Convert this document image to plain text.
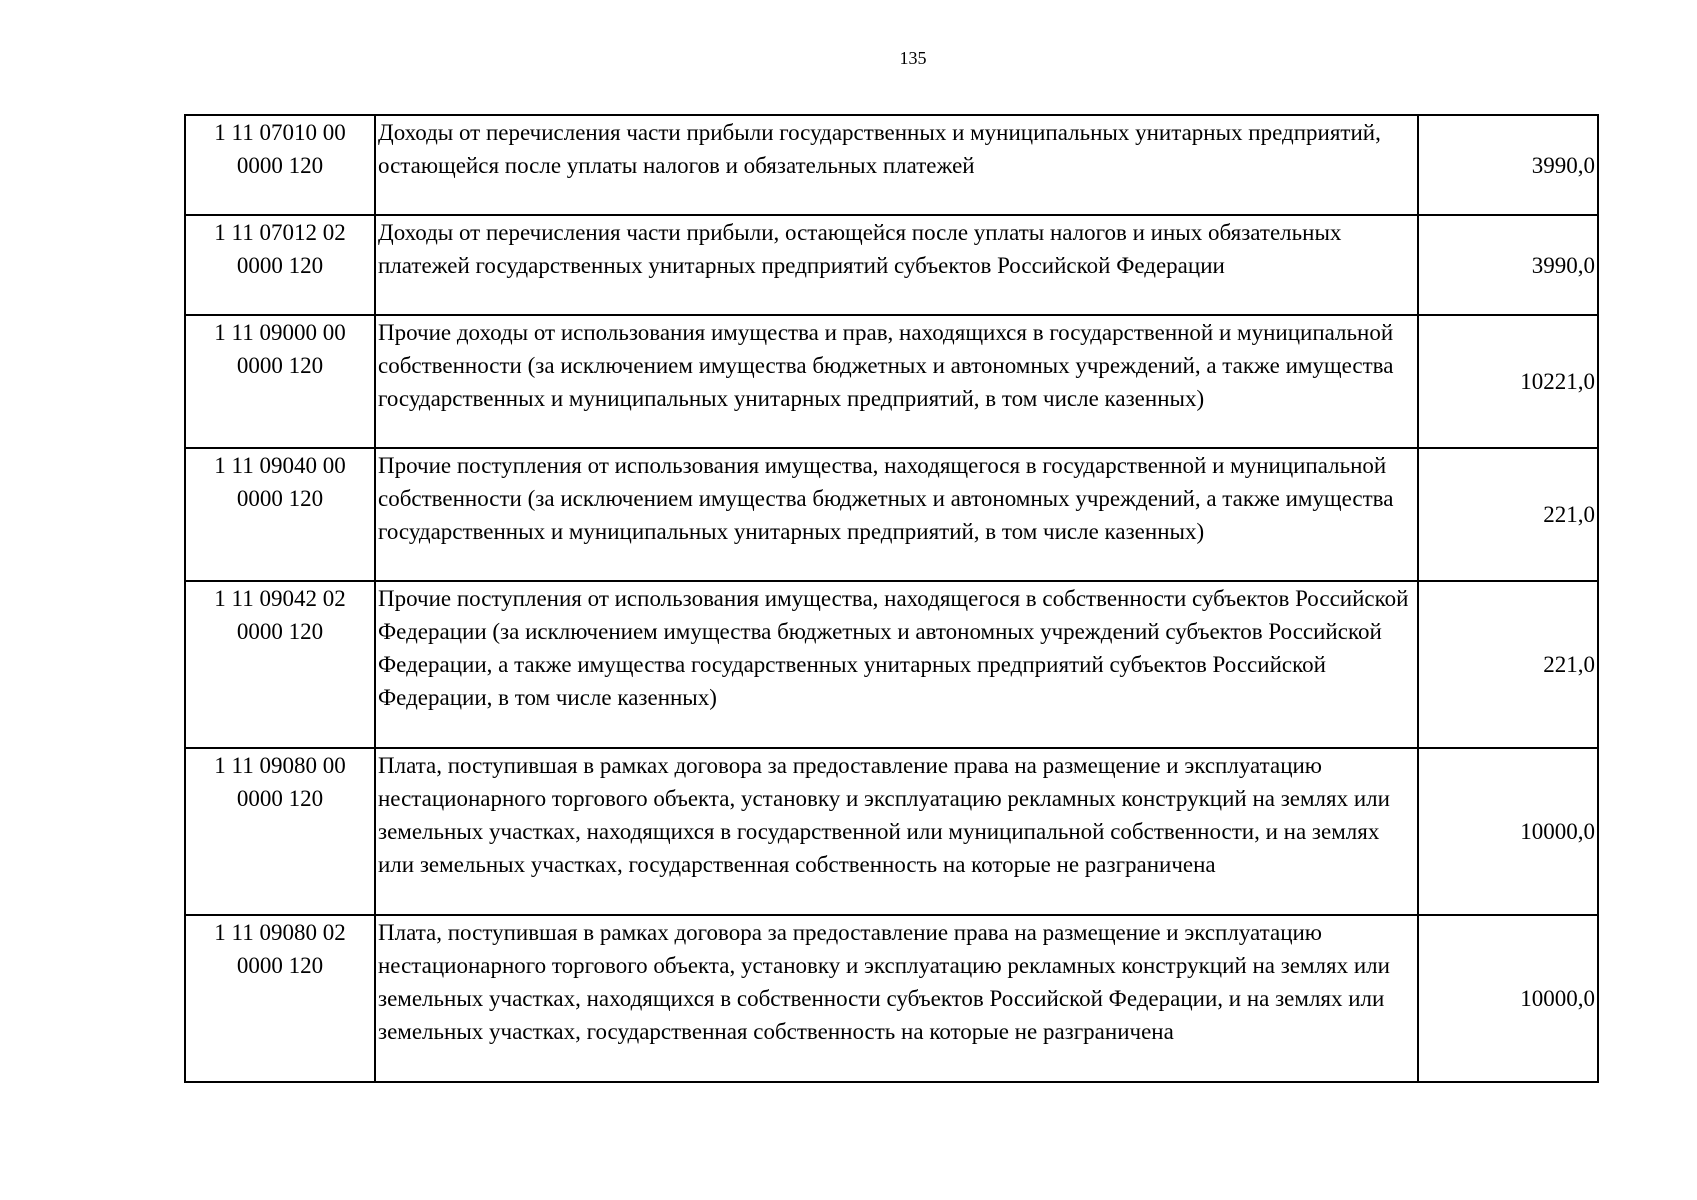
135
1 11 07010 00
0000 120	Доходы от перечисления части прибыли государственных и муниципальных унитарных предприятий, остающейся после уплаты налогов и обязательных платежей	3990,0

1 11 07012 02
0000 120	Доходы от перечисления части прибыли, остающейся после уплаты налогов и иных обязательных платежей государственных унитарных предприятий субъектов Российской Федерации	3990,0

1 11 09000 00
0000 120	Прочие доходы от использования имущества и прав, находящихся в государственной и муниципальной собственности (за исключением имущества бюджетных и автономных учреждений, а также имущества государственных и муниципальных унитарных предприятий, в том числе казенных)	10221,0

1 11 09040 00
0000 120	Прочие поступления от использования имущества, находящегося в государственной и муниципальной собственности (за исключением имущества бюджетных и автономных учреждений, а также имущества государственных и муниципальных унитарных предприятий, в том числе казенных)	221,0

1 11 09042 02
0000 120	Прочие поступления от использования имущества, находящегося в собственности субъектов Российской Федерации (за исключением имущества бюджетных и автономных учреждений субъектов Российской Федерации, а также имущества государственных унитарных предприятий субъектов Российской Федерации, в том числе казенных)	221,0

1 11 09080 00
0000 120	Плата, поступившая в рамках договора за предоставление права на размещение и эксплуатацию нестационарного торгового объекта, установку и эксплуатацию рекламных конструкций на землях или земельных участках, находящихся в государственной или муниципальной собственности, и на землях или земельных участках, государственная собственность на которые не разграничена	10000,0

1 11 09080 02
0000 120	Плата, поступившая в рамках договора за предоставление права на размещение и эксплуатацию нестационарного торгового объекта, установку и эксплуатацию рекламных конструкций на землях или земельных участках, находящихся в собственности субъектов Российской Федерации, и на землях или земельных участках, государственная собственность на которые не разграничена	10000,0
